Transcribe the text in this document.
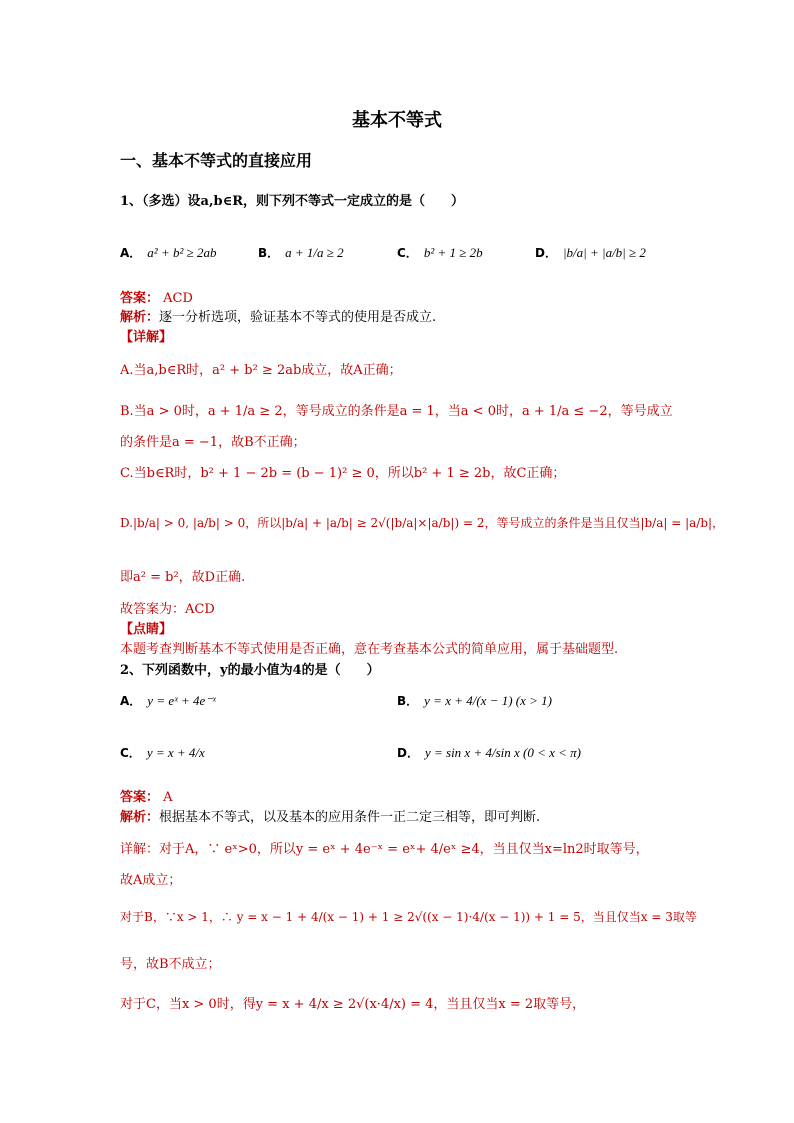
基本不等式
一、基本不等式的直接应用
1、（多选）设a,b∈R，则下列不等式一定成立的是（　　）
A． a² + b² ≥ 2ab	B． a + 1/a ≥ 2	C． b² + 1 ≥ 2b	D． |b/a| + |a/b| ≥ 2
答案： ACD
解析：逐一分析选项，验证基本不等式的使用是否成立.
【详解】
A.当a,b∈R时，a² + b² ≥ 2ab成立，故A正确；
B.当a > 0时，a + 1/a ≥ 2，等号成立的条件是a = 1，当a < 0时，a + 1/a ≤ −2，等号成立
的条件是a = −1，故B不正确；
C.当b∈R时，b² + 1 − 2b = (b − 1)² ≥ 0，所以b² + 1 ≥ 2b，故C正确；
D.|b/a| > 0, |a/b| > 0，所以|b/a| + |a/b| ≥ 2√(|b/a|×|a/b|) = 2，等号成立的条件是当且仅当|b/a| = |a/b|，
即a² = b²，故D正确.
故答案为：ACD
【点睛】
本题考查判断基本不等式使用是否正确，意在考查基本公式的简单应用，属于基础题型.
2、下列函数中，y的最小值为4的是（　　）
A． y = eˣ + 4e⁻ˣ	B． y = x + 4/(x − 1) (x > 1)
C． y = x + 4/x	D． y = sin x + 4/sin x (0 < x < π)
答案： A
解析：根据基本不等式，以及基本的应用条件一正二定三相等，即可判断.
详解：对于A，∵ eˣ>0，所以y = eˣ + 4e⁻ˣ = eˣ+ 4/eˣ ≥4，当且仅当x=ln2时取等号，
故A成立；
对于B，∵x > 1，∴ y = x − 1 + 4/(x − 1) + 1 ≥ 2√((x − 1)·4/(x − 1)) + 1 = 5，当且仅当x = 3取等
号，故B不成立；
对于C，当x > 0时，得y = x + 4/x ≥ 2√(x·4/x) = 4，当且仅当x = 2取等号，
